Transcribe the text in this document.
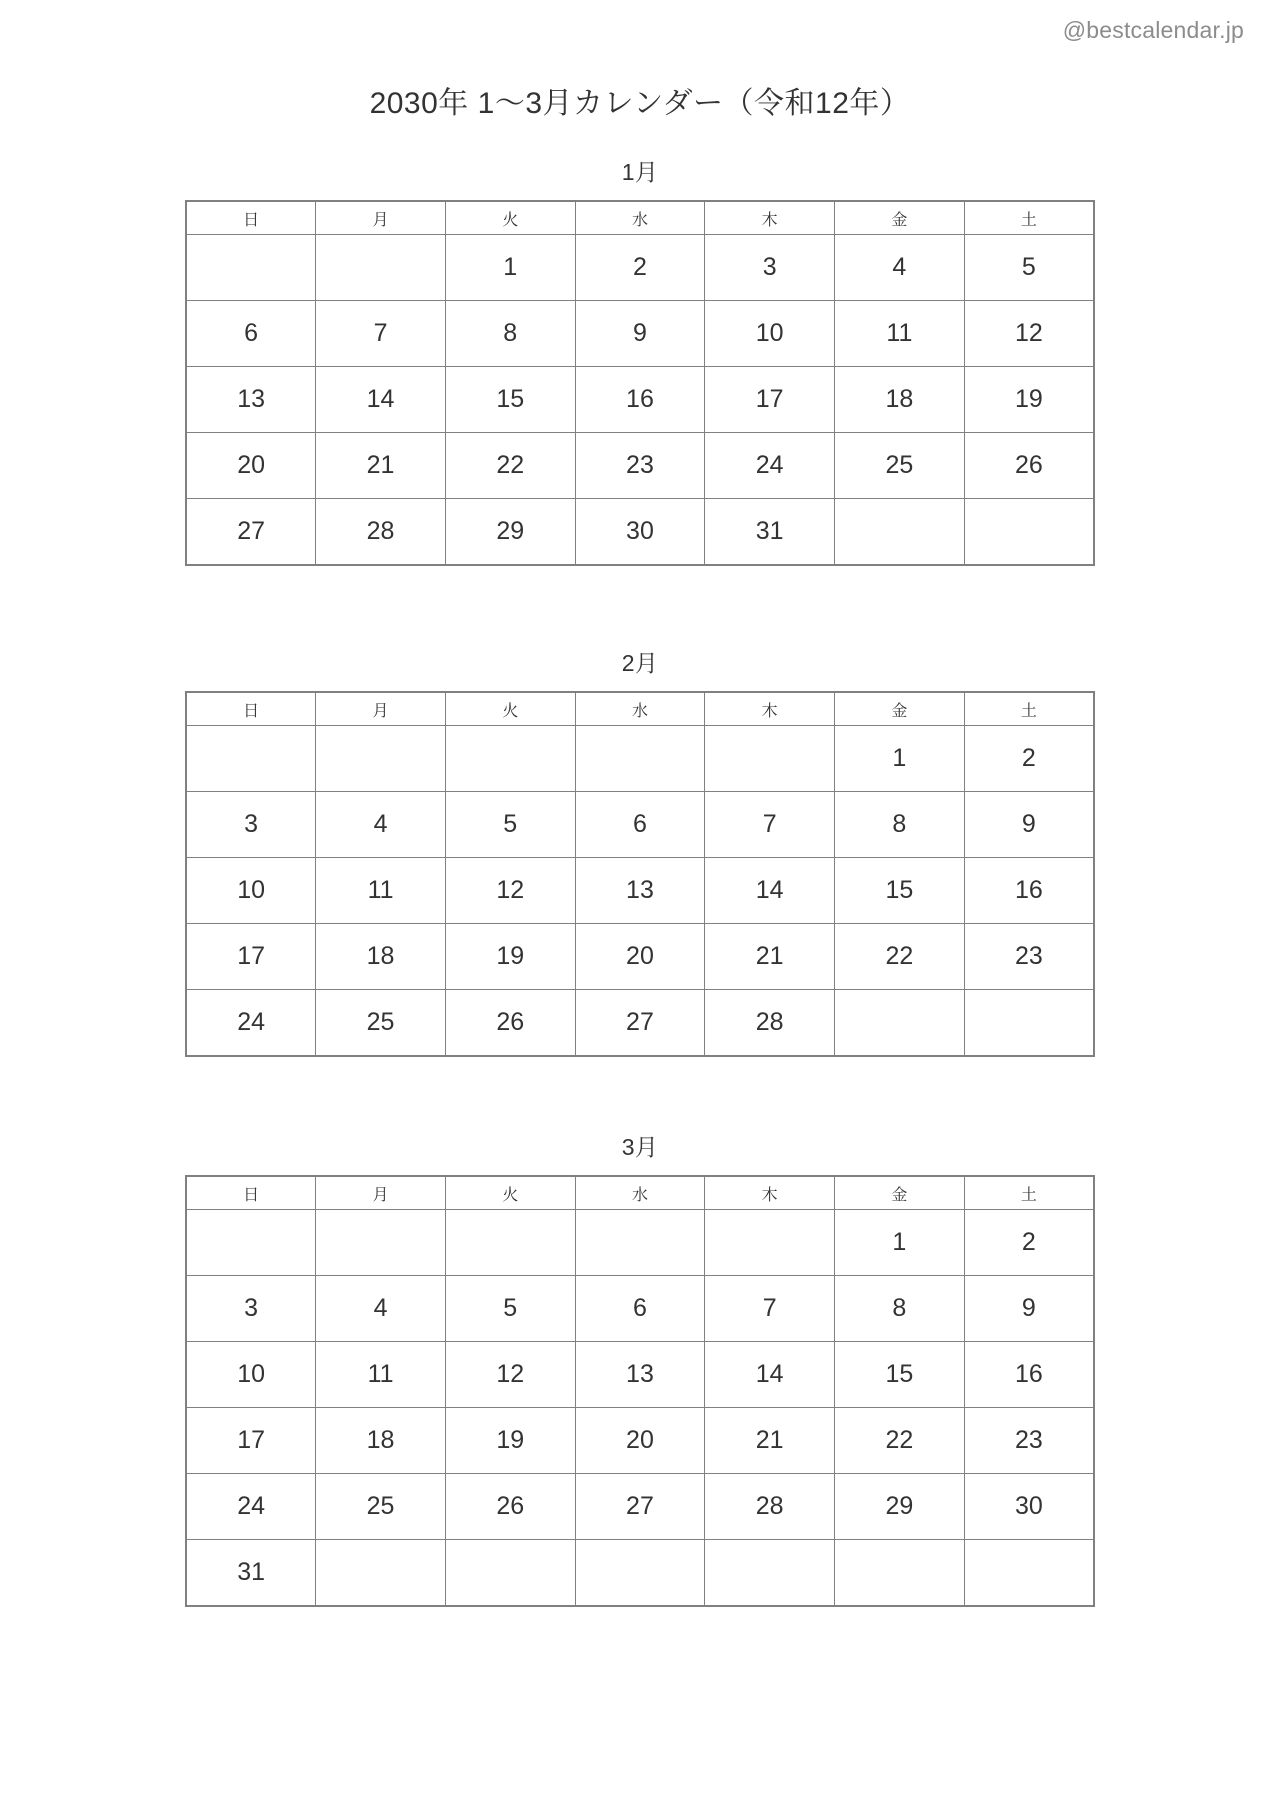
@bestcalendar.jp
2030年 1〜3月カレンダー（令和12年）
1月
日	月	火	水	木	金	土
		1	2	3	4	5
6	7	8	9	10	11	12
13	14	15	16	17	18	19
20	21	22	23	24	25	26
27	28	29	30	31		
2月
日	月	火	水	木	金	土
					1	2
3	4	5	6	7	8	9
10	11	12	13	14	15	16
17	18	19	20	21	22	23
24	25	26	27	28		
3月
日	月	火	水	木	金	土
					1	2
3	4	5	6	7	8	9
10	11	12	13	14	15	16
17	18	19	20	21	22	23
24	25	26	27	28	29	30
31						
